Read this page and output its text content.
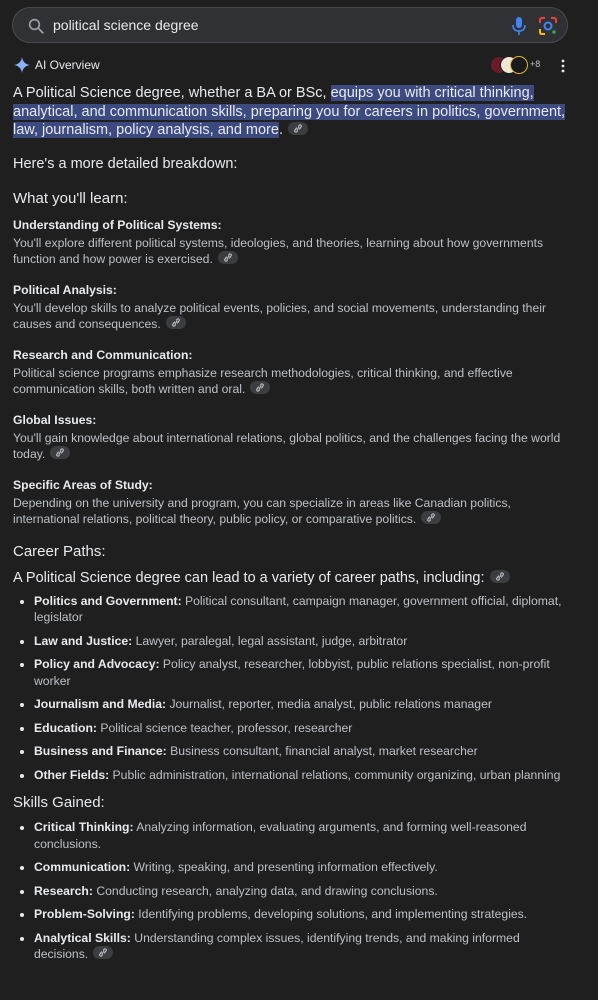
political science degree
AI Overview	+8

A Political Science degree, whether a BA or BSc, equips you with critical thinking, analytical, and communication skills, preparing you for careers in politics, government, law, journalism, policy analysis, and more.

Here's a more detailed breakdown:

What you'll learn:

Understanding of Political Systems:

You'll explore different political systems, ideologies, and theories, learning about how governments function and how power is exercised.

Political Analysis:

You'll develop skills to analyze political events, policies, and social movements, understanding their causes and consequences.

Research and Communication:

Political science programs emphasize research methodologies, critical thinking, and effective communication skills, both written and oral.

Global Issues:

You'll gain knowledge about international relations, global politics, and the challenges facing the world today.

Specific Areas of Study:

Depending on the university and program, you can specialize in areas like Canadian politics, international relations, political theory, public policy, or comparative politics.

Career Paths:

A Political Science degree can lead to a variety of career paths, including:

• Politics and Government: Political consultant, campaign manager, government official, diplomat, legislator
• Law and Justice: Lawyer, paralegal, legal assistant, judge, arbitrator
• Policy and Advocacy: Policy analyst, researcher, lobbyist, public relations specialist, non-profit worker
• Journalism and Media: Journalist, reporter, media analyst, public relations manager
• Education: Political science teacher, professor, researcher
• Business and Finance: Business consultant, financial analyst, market researcher
• Other Fields: Public administration, international relations, community organizing, urban planning

Skills Gained:

• Critical Thinking: Analyzing information, evaluating arguments, and forming well-reasoned conclusions.
• Communication: Writing, speaking, and presenting information effectively.
• Research: Conducting research, analyzing data, and drawing conclusions.
• Problem-Solving: Identifying problems, developing solutions, and implementing strategies.
• Analytical Skills: Understanding complex issues, identifying trends, and making informed decisions.
